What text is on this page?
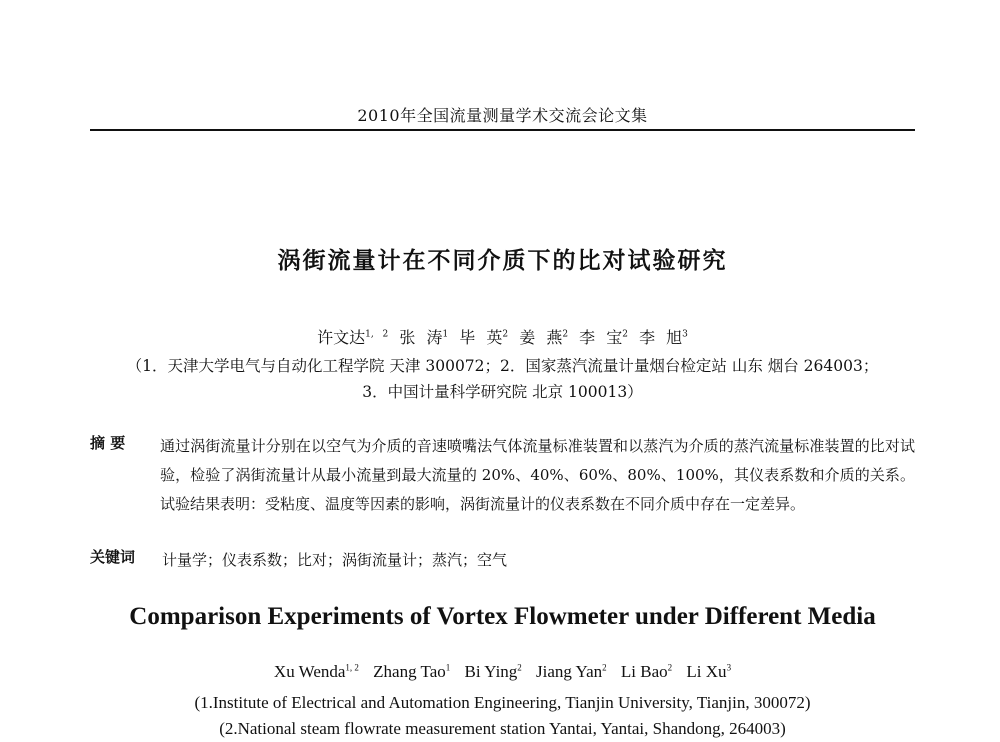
2010年全国流量测量学术交流会论文集
涡街流量计在不同介质下的比对试验研究
许文达$^{1, 2}$ 张 涛$^1$ 毕 英$^2$ 姜 燕$^2$ 李 宝$^2$ 李 旭$^3$
（1．天津大学电气与自动化工程学院 天津 300072；2．国家蒸汽流量计量烟台检定站 山东 烟台 264003；
3．中国计量科学研究院 北京 100013）
摘 要 通过涡街流量计分别在以空气为介质的音速喷嘴法气体流量标准装置和以蒸汽为介质的蒸汽流量标准装置的比对试验，检验了涡街流量计从最小流量到最大流量的 20%、40%、60%、80%、100%，其仪表系数和介质的关系。试验结果表明：受粘度、温度等因素的影响，涡街流量计的仪表系数在不同介质中存在一定差异。
关键词 计量学；仪表系数；比对；涡街流量计；蒸汽；空气
Comparison Experiments of Vortex Flowmeter under Different Media
Xu Wenda$^{1, 2}$ Zhang Tao$^1$ Bi Ying$^2$ Jiang Yan$^2$ Li Bao$^2$ Li Xu$^3$
(1.Institute of Electrical and Automation Engineering, Tianjin University, Tianjin, 300072)
(2.National steam flowrate measurement station Yantai, Yantai, Shandong, 264003)
